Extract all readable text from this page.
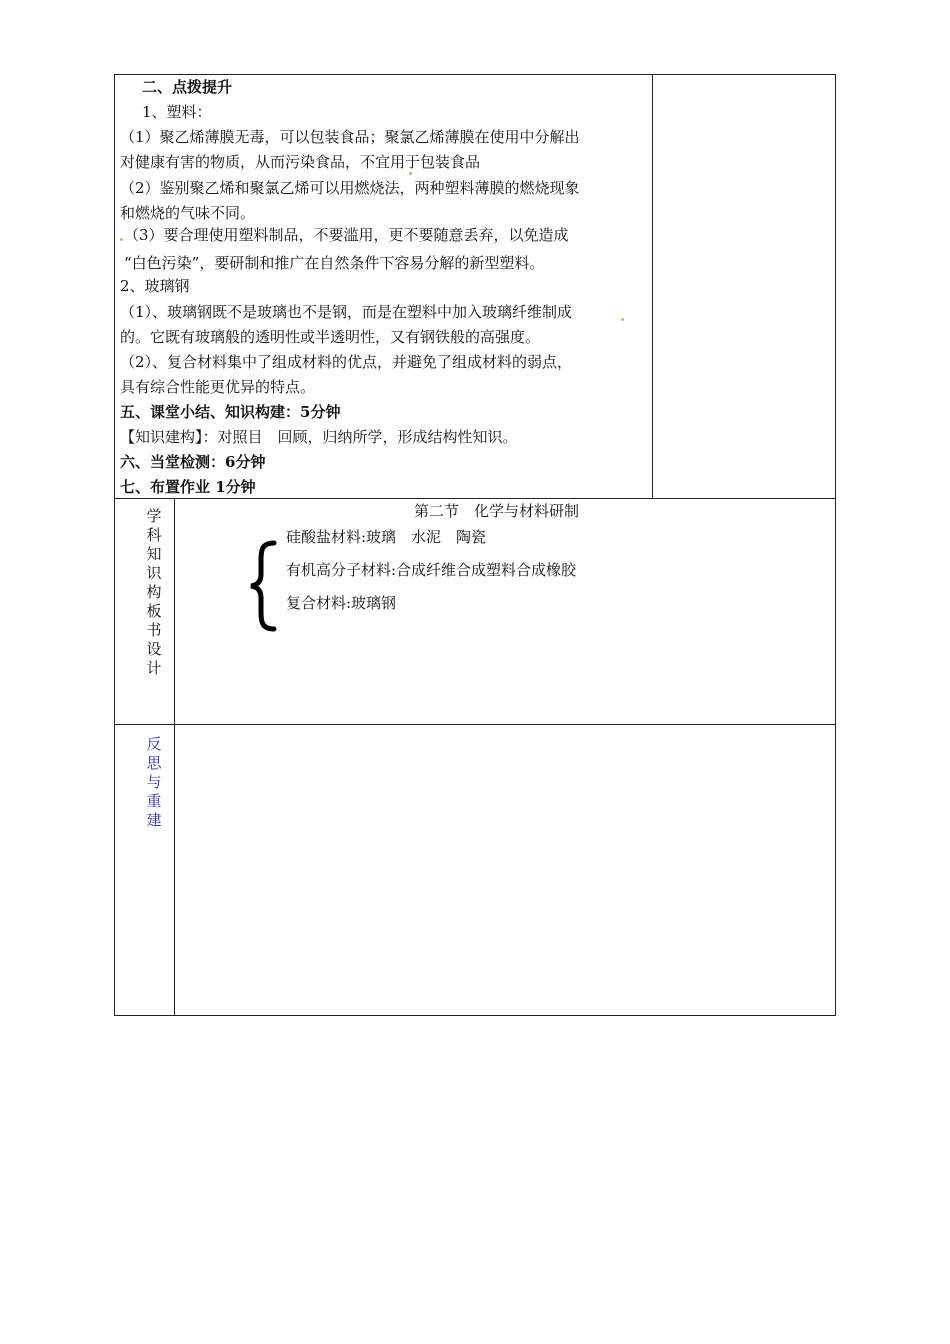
二、点拨提升
1、塑料：
（1）聚乙烯薄膜无毒，可以包装食品；聚氯乙烯薄膜在使用中分解出
对健康有害的物质，从而污染食品，不宜用于包装食品
（2）鉴别聚乙烯和聚氯乙烯可以用燃烧法，两种塑料薄膜的燃烧现象
和燃烧的气味不同。
（3）要合理使用塑料制品，不要滥用，更不要随意丢弃，以免造成
“白色污染”，要研制和推广在自然条件下容易分解的新型塑料。
2、玻璃钢
（1）、玻璃钢既不是玻璃也不是钢，而是在塑料中加入玻璃纤维制成
的。它既有玻璃般的透明性或半透明性，又有钢铁般的高强度。
（2）、复合材料集中了组成材料的优点，并避免了组成材料的弱点，
具有综合性能更优异的特点。
五、课堂小结、知识构建：5分钟
【知识建构】：对照目　回顾，归纳所学，形成结构性知识。
六、当堂检测：6分钟
七、布置作业 1分钟
学科知识构板书设计
第二节　化学与材料研制
硅酸盐材料:玻璃　水泥　陶瓷
有机高分子材料:合成纤维合成塑料合成橡胶
复合材料:玻璃钢
反思与重建
